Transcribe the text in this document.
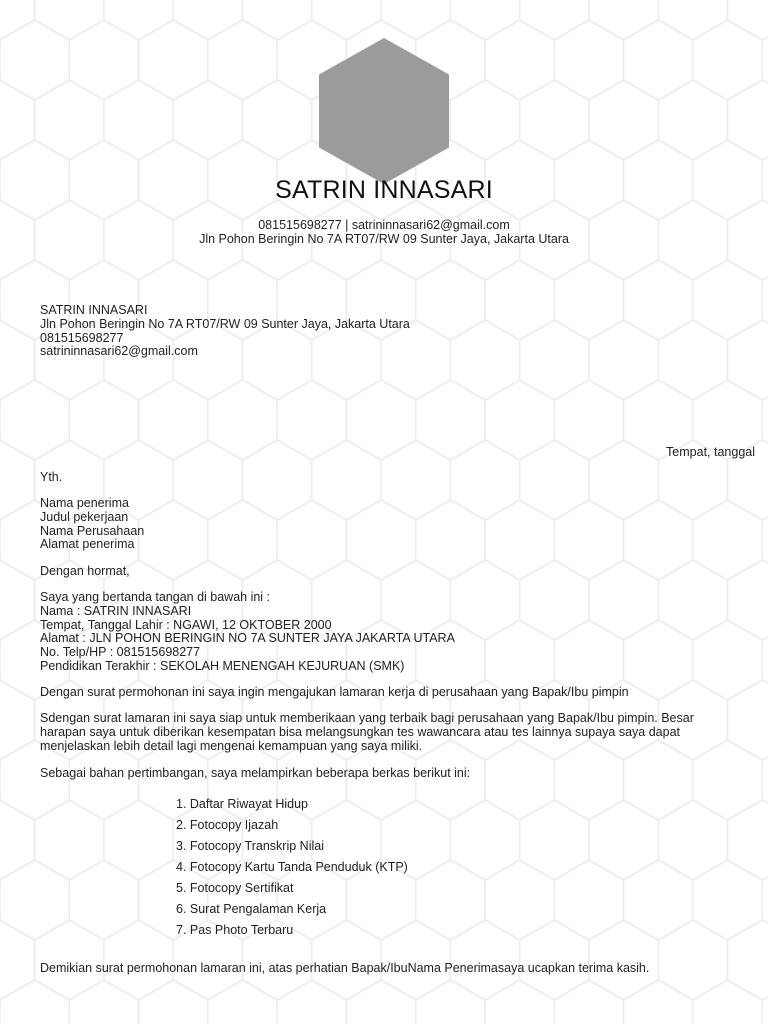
SATRIN INNASARI
081515698277 | satrininnasari62@gmail.com
Jln Pohon Beringin No 7A RT07/RW 09 Sunter Jaya, Jakarta Utara
SATRIN INNASARI
Jln Pohon Beringin No 7A RT07/RW 09 Sunter Jaya, Jakarta Utara
081515698277
satrininnasari62@gmail.com
Tempat, tanggal
Yth.
Nama penerima
Judul pekerjaan
Nama Perusahaan
Alamat penerima
Dengan hormat,
Saya yang bertanda tangan di bawah ini :
Nama : SATRIN INNASARI
Tempat, Tanggal Lahir : NGAWI, 12 OKTOBER 2000
Alamat : JLN POHON BERINGIN NO 7A SUNTER JAYA JAKARTA UTARA
No. Telp/HP : 081515698277
Pendidikan Terakhir : SEKOLAH MENENGAH KEJURUAN (SMK)
Dengan surat permohonan ini saya ingin mengajukan lamaran kerja di perusahaan yang Bapak/Ibu pimpin
Sdengan surat lamaran ini saya siap untuk memberikaan yang terbaik bagi perusahaan yang Bapak/Ibu pimpin. Besar
harapan saya untuk diberikan kesempatan bisa melangsungkan tes wawancara atau tes lainnya supaya saya dapat
menjelaskan lebih detail lagi mengenai kemampuan yang saya miliki.
Sebagai bahan pertimbangan, saya melampirkan beberapa berkas berikut ini:
1. Daftar Riwayat Hidup
2. Fotocopy Ijazah
3. Fotocopy Transkrip Nilai
4. Fotocopy Kartu Tanda Penduduk (KTP)
5. Fotocopy Sertifikat
6. Surat Pengalaman Kerja
7. Pas Photo Terbaru
Demikian surat permohonan lamaran ini, atas perhatian Bapak/IbuNama Penerimasaya ucapkan terima kasih.
